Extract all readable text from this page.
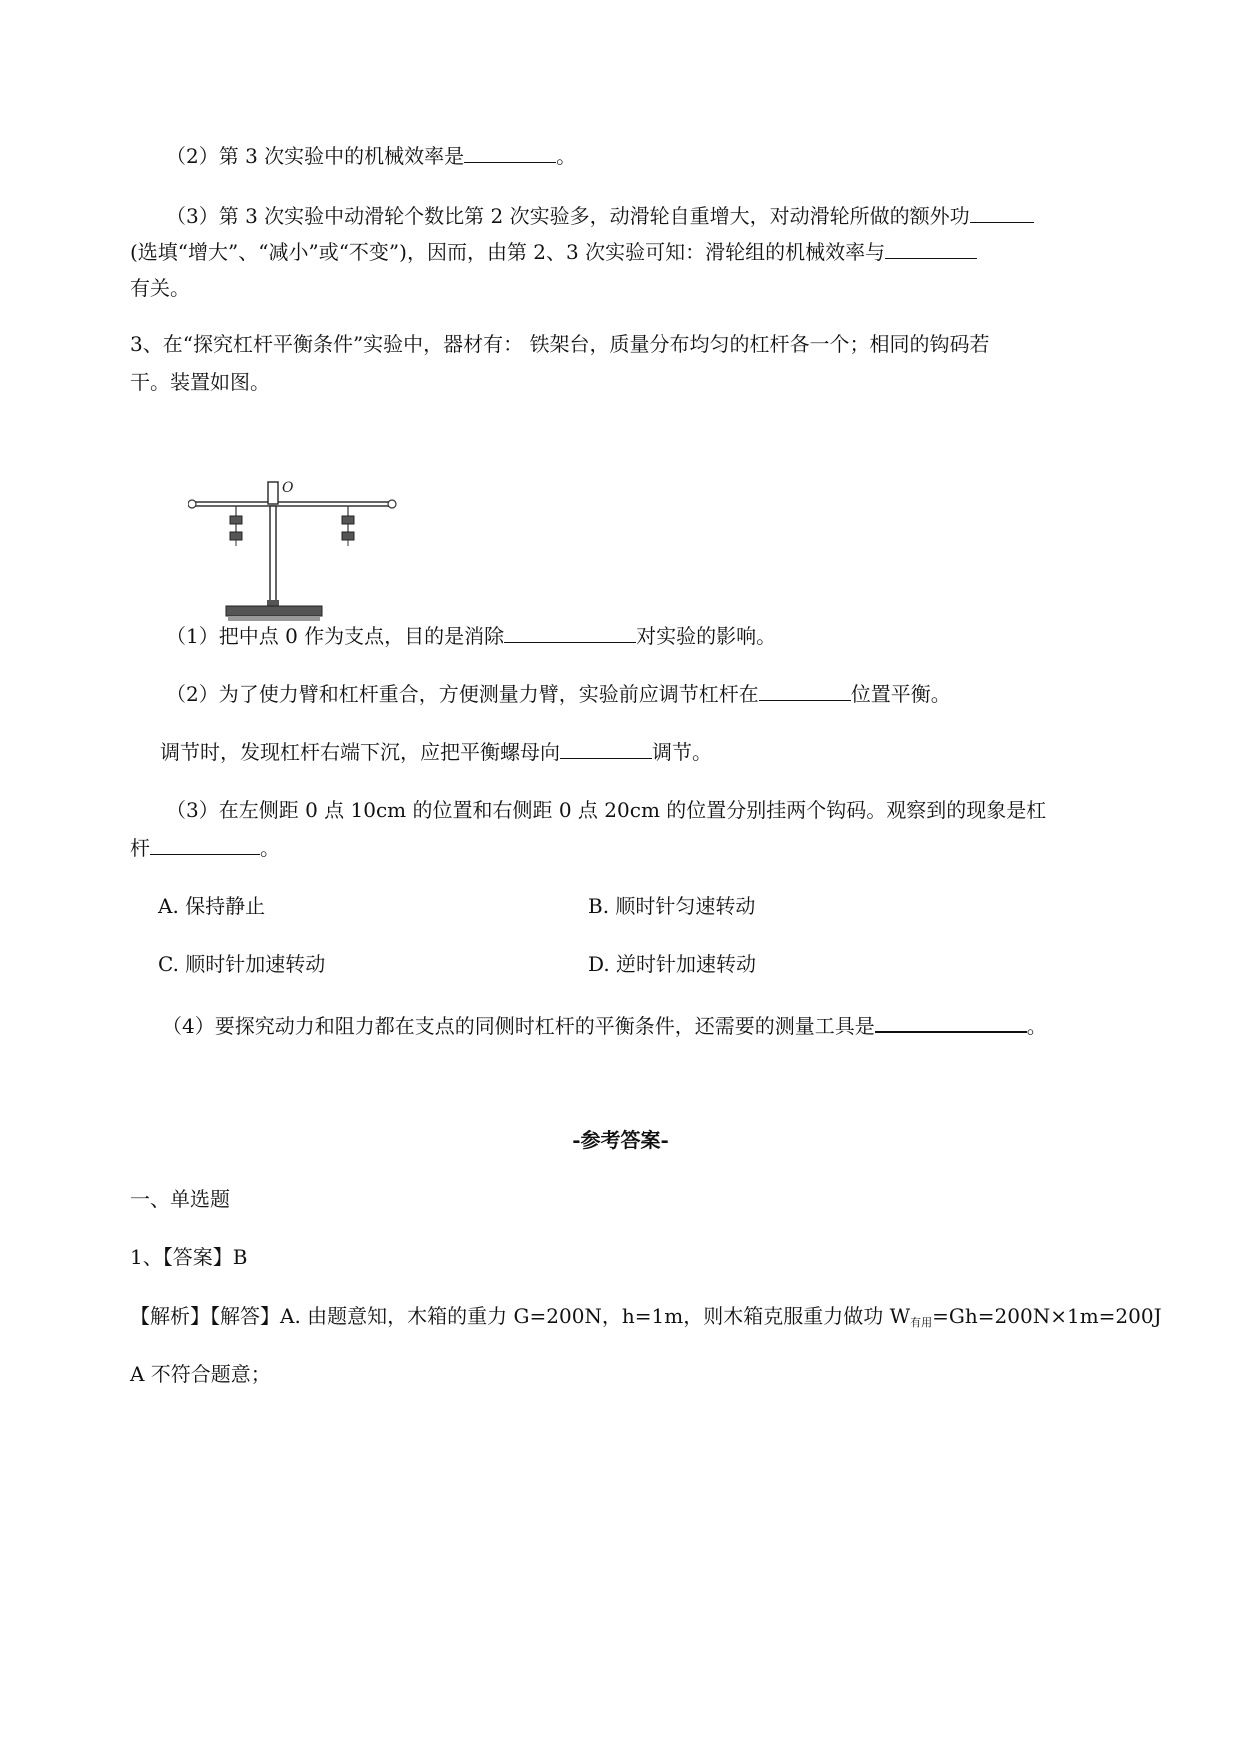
（2）第 3 次实验中的机械效率是	。
（3）第 3 次实验中动滑轮个数比第 2 次实验多，动滑轮自重增大，对动滑轮所做的额外功
(选填“增大”、“减小”或“不变”)，因而，由第 2、3 次实验可知：滑轮组的机械效率与
有关。
3、在“探究杠杆平衡条件”实验中，器材有： 铁架台，质量分布均匀的杠杆各一个；相同的钩码若
干。装置如图。
O
（1）把中点 0 作为支点，目的是消除	对实验的影响。
（2）为了使力臂和杠杆重合，方便测量力臂，实验前应调节杠杆在	位置平衡。
调节时，发现杠杆右端下沉，应把平衡螺母向	调节。
（3）在左侧距 0 点 10cm 的位置和右侧距 0 点 20cm 的位置分别挂两个钩码。观察到的现象是杠
杆	。
A. 保持静止	B. 顺时针匀速转动
C. 顺时针加速转动	D. 逆时针加速转动
（4）要探究动力和阻力都在支点的同侧时杠杆的平衡条件，还需要的测量工具是	。
-参考答案-
一、单选题
1、【答案】B
【解析】【解答】A. 由题意知，木箱的重力 G=200N，h=1m，则木箱克服重力做功 $W_{有用}=Gh=200N\times 1m=200J$
A 不符合题意；
